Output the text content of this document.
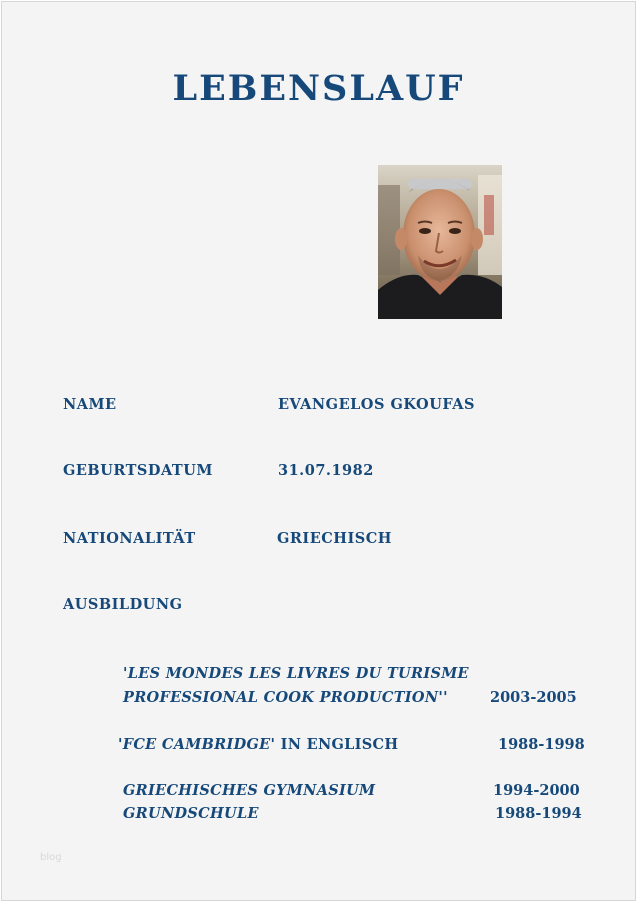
LEBENSLAUF
NAME	EVANGELOS GKOUFAS
GEBURTSDATUM	31.07.1982
NATIONALITÄT	GRIECHISCH
AUSBILDUNG
'LES MONDES LES LIVRES DU TURISME
PROFESSIONAL COOK PRODUCTION''	2003-2005
'FCE CAMBRIDGE' IN ENGLISCH	1988-1998
GRIECHISCHES GYMNASIUM	1994-2000
GRUNDSCHULE	1988-1994
blog
